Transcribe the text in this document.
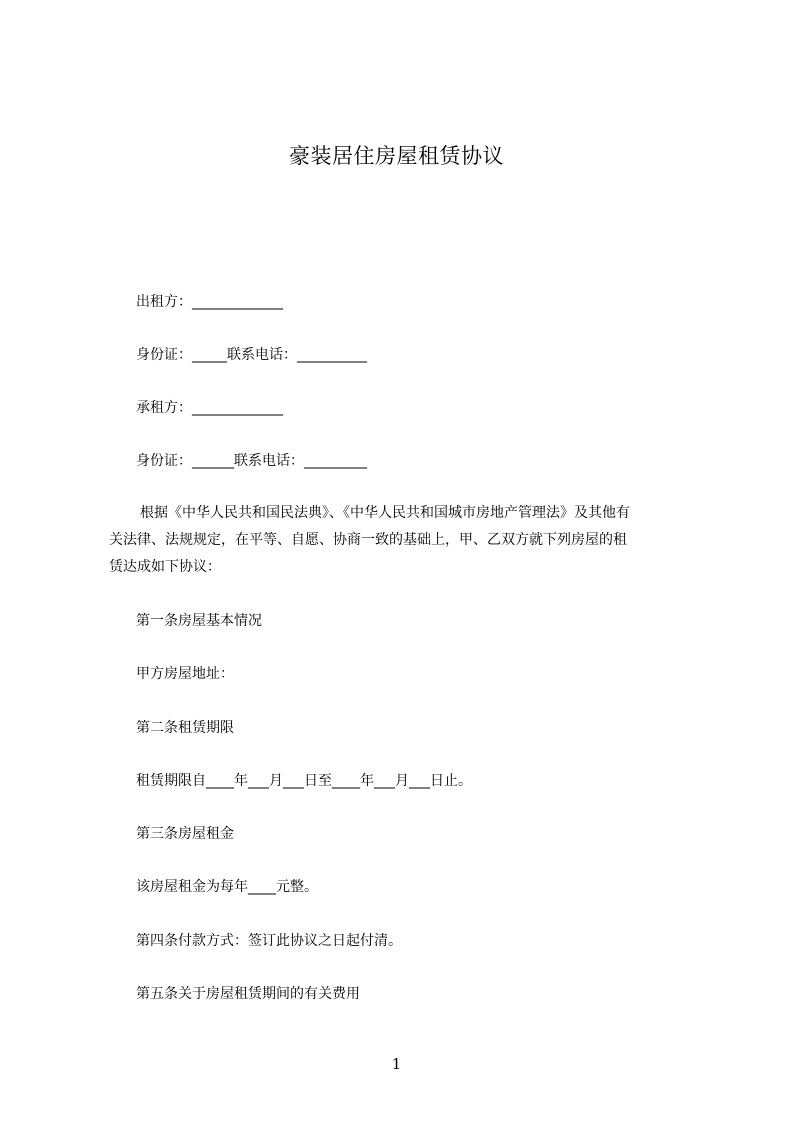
豪装居住房屋租赁协议
出租方：_____________
身份证：_____联系电话：__________
承租方：_____________
身份证：______联系电话：_________
根据《中华人民共和国民法典》、《中华人民共和国城市房地产管理法》及其他有
关法律、法规规定，在平等、自愿、协商一致的基础上，甲、乙双方就下列房屋的租
赁达成如下协议：
第一条房屋基本情况
甲方房屋地址：
第二条租赁期限
租赁期限自____年___月___日至____年___月___日止。
第三条房屋租金
该房屋租金为每年____元整。
第四条付款方式：签订此协议之日起付清。
第五条关于房屋租赁期间的有关费用
1
